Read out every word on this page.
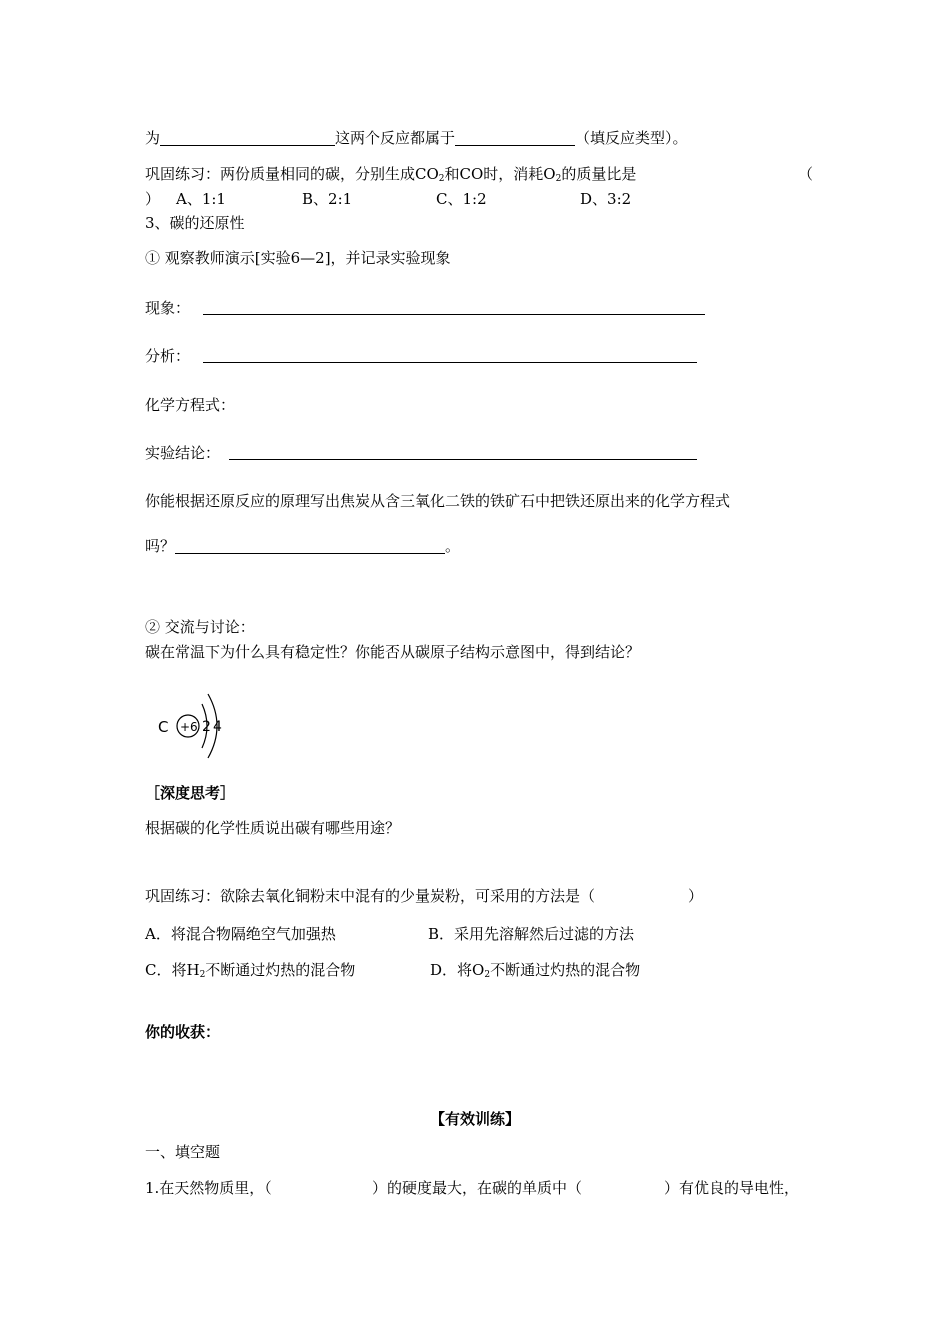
为	这两个反应都属于	（填反应类型）。
巩固练习：两份质量相同的碳，分别生成$CO_2$和CO时，消耗$O_2$的质量比是	（
） A、1:1	B、2:1	C、1:2	D、3:2
3、碳的还原性
① 观察教师演示[实验6—2]，并记录实验现象
现象：
分析：
化学方程式：
实验结论：
你能根据还原反应的原理写出焦炭从含三氧化二铁的铁矿石中把铁还原出来的化学方程式
吗？	。
② 交流与讨论：
碳在常温下为什么具有稳定性？你能否从碳原子结构示意图中，得到结论？
C +6 2 4
［深度思考］
根据碳的化学性质说出碳有哪些用途？
巩固练习：欲除去氧化铜粉末中混有的少量炭粉，可采用的方法是（	）
A．将混合物隔绝空气加强热	B．采用先溶解然后过滤的方法
C．将$H_2$不断通过灼热的混合物	D．将$O_2$不断通过灼热的混合物
你的收获：
【有效训练】
一、填空题
1.在天然物质里，（	）的硬度最大，在碳的单质中（	）有优良的导电性，
